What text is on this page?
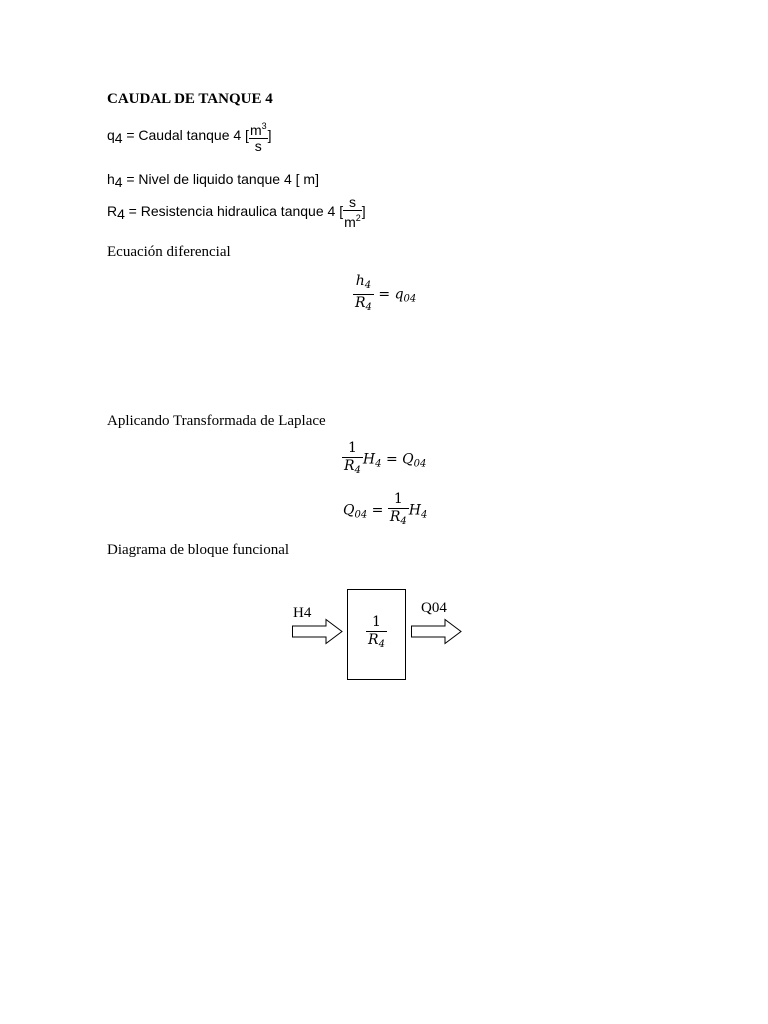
CAUDAL DE TANQUE 4
q4 = Caudal tanque 4 [ $\frac{m^3}{s}$ ]
h4 = Nivel de liquido tanque 4 [ m]
R4 = Resistencia hidraulica tanque 4 [ $\frac{s}{m^2}$ ]
Ecuación diferencial
$\frac{h_4}{R_4} = q_{04}$
Aplicando Transformada de Laplace
$\frac{1}{R_4} H_4 = Q_{04}$
$Q_{04} = \frac{1}{R_4} H_4$
Diagrama de bloque funcional
H4	Q04
$\frac{1}{R_4}$
